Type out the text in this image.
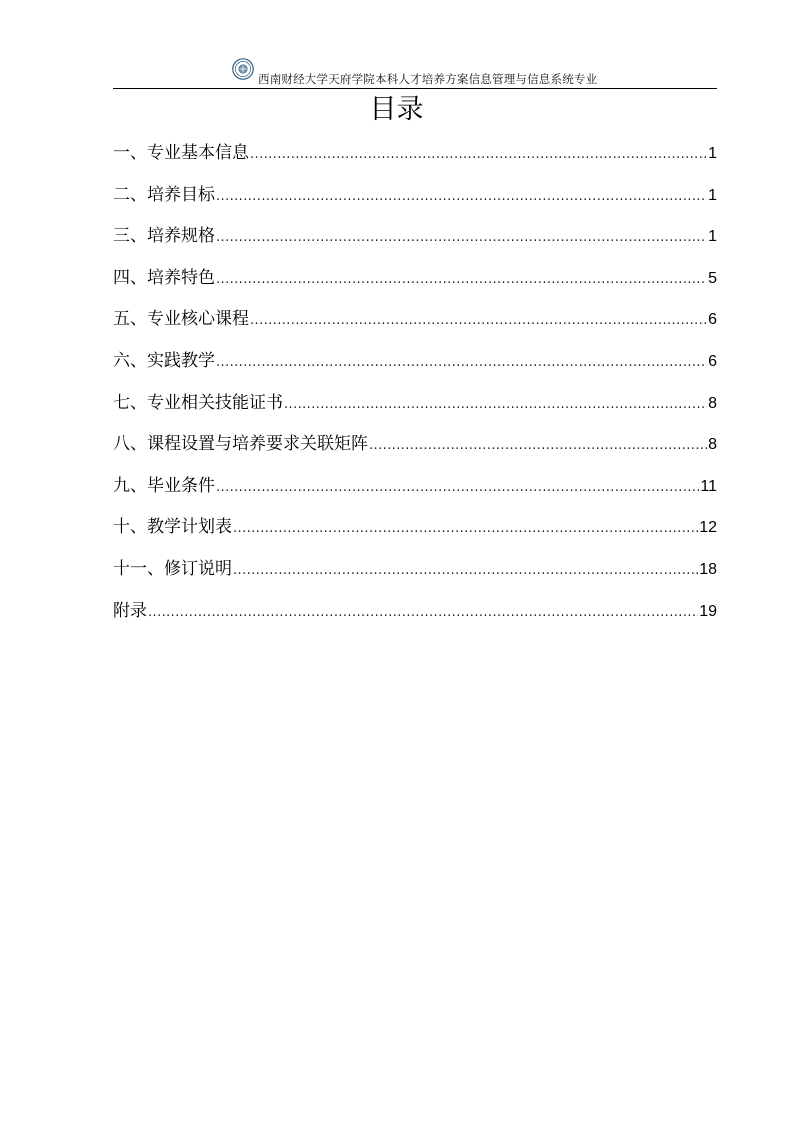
西南财经大学天府学院本科人才培养方案信息管理与信息系统专业
目录
一、专业基本信息 .....	1
二、培养目标 .....	1
三、培养规格 .....	1
四、培养特色 .....	5
五、专业核心课程 .....	6
六、实践教学 .....	6
七、专业相关技能证书 .....	8
八、课程设置与培养要求关联矩阵 .....	8
九、毕业条件 .....	11
十、教学计划表 .....	12
十一、修订说明 .....	18
附录 .....	19
